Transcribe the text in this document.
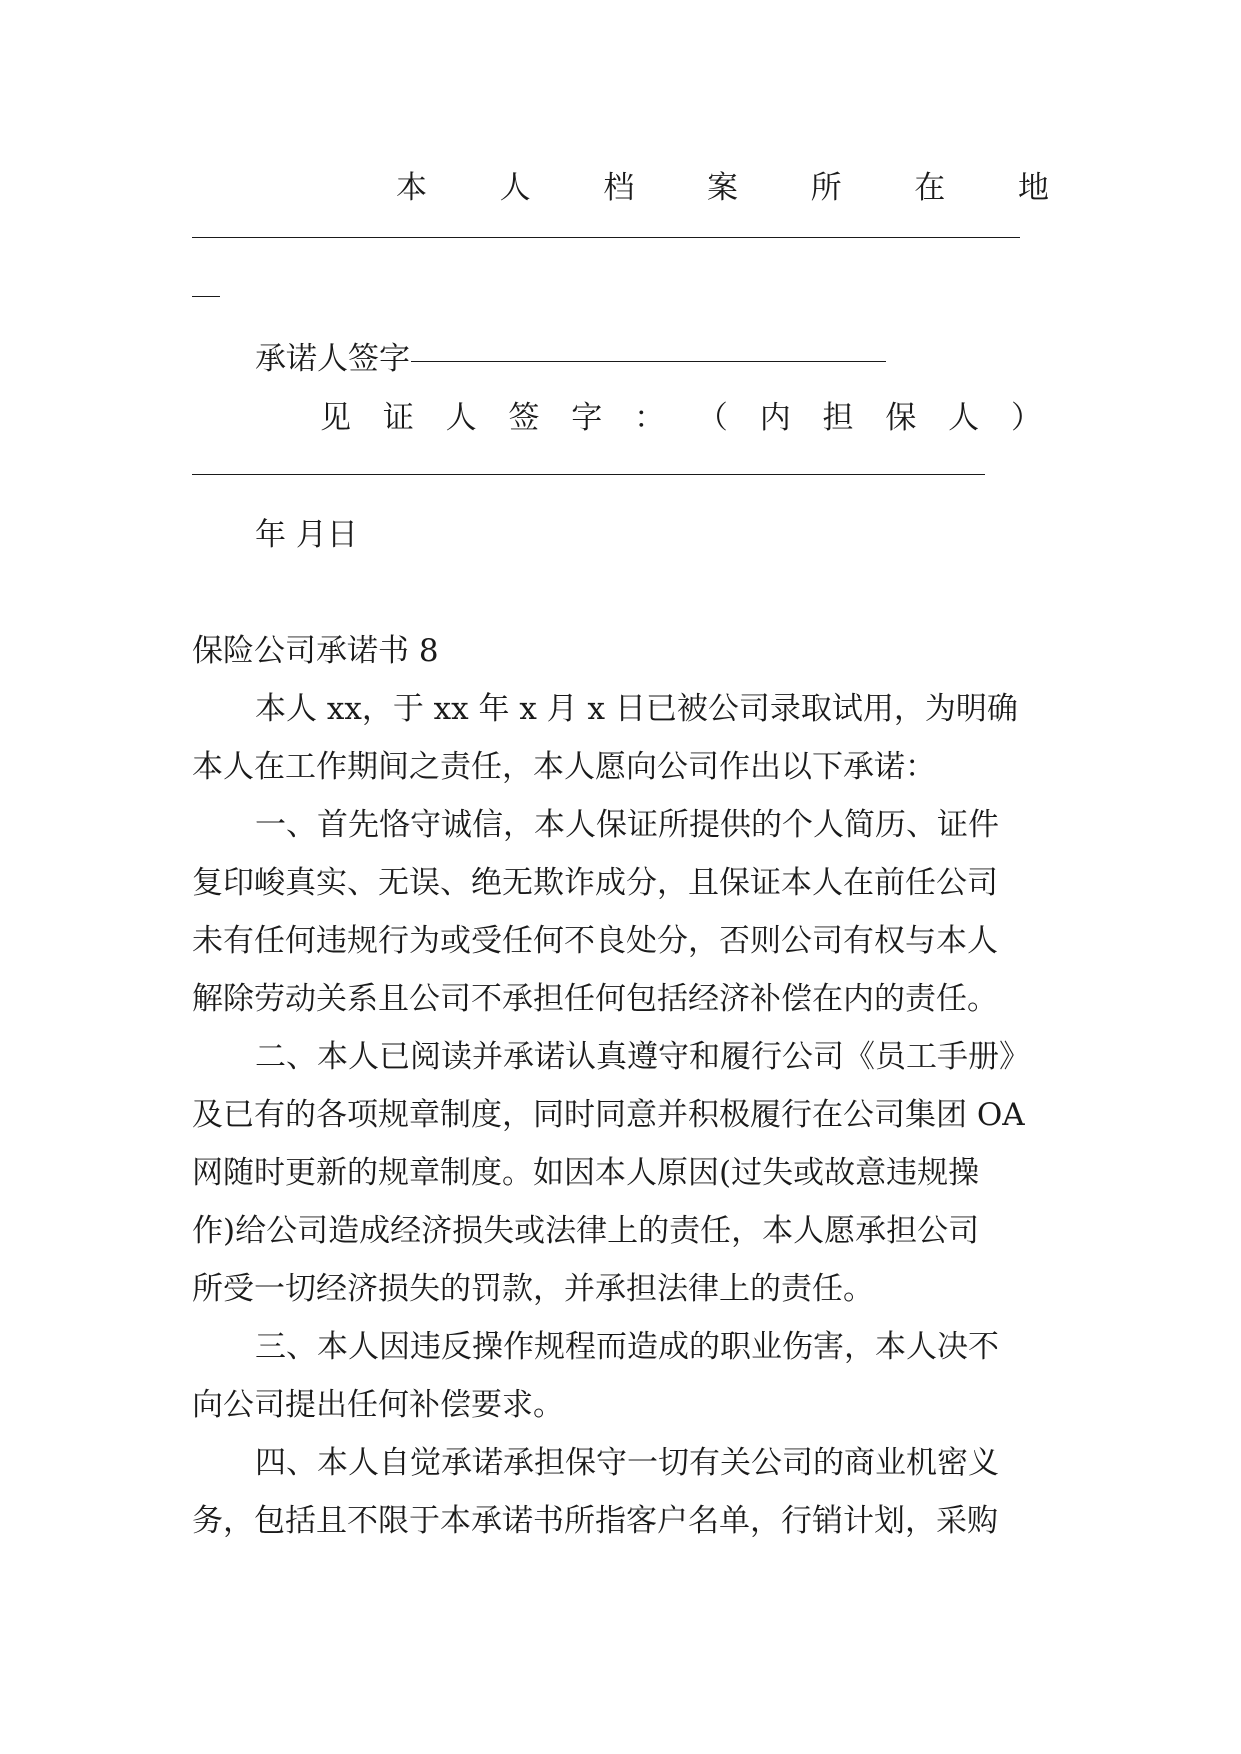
本 人 档 案 所 在 地
承诺人签字
见 证 人 签 字 ： （ 内 担 保 人 ）
年 月日
保险公司承诺书 8
本人 xx，于 xx 年 x 月 x 日已被公司录取试用，为明确
本人在工作期间之责任，本人愿向公司作出以下承诺：
一、首先恪守诚信，本人保证所提供的个人简历、证件
复印峻真实、无误、绝无欺诈成分，且保证本人在前任公司
未有任何违规行为或受任何不良处分，否则公司有权与本人
解除劳动关系且公司不承担任何包括经济补偿在内的责任。
二、本人已阅读并承诺认真遵守和履行公司《员工手册》
及已有的各项规章制度，同时同意并积极履行在公司集团 OA
网随时更新的规章制度。如因本人原因(过失或故意违规操
作)给公司造成经济损失或法律上的责任，本人愿承担公司
所受一切经济损失的罚款，并承担法律上的责任。
三、本人因违反操作规程而造成的职业伤害，本人决不
向公司提出任何补偿要求。
四、本人自觉承诺承担保守一切有关公司的商业机密义
务，包括且不限于本承诺书所指客户名单，行销计划，采购
